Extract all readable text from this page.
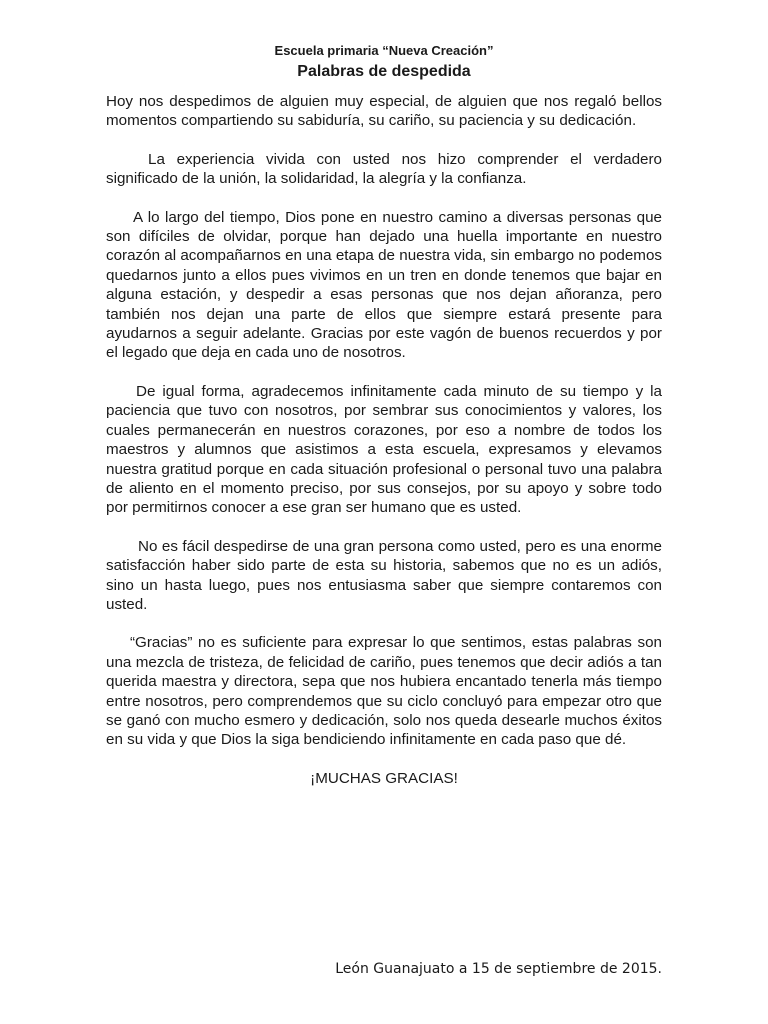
Escuela primaria “Nueva Creación”

Palabras de despedida

Hoy nos despedimos de alguien muy especial, de alguien que nos regaló bellos momentos compartiendo su sabiduría, su cariño, su paciencia y su dedicación.

La experiencia vivida con usted nos hizo comprender el verdadero significado de la unión, la solidaridad, la alegría y la confianza.

A lo largo del tiempo, Dios pone en nuestro camino a diversas personas que son difíciles de olvidar, porque han dejado una huella importante en nuestro corazón al acompañarnos en una etapa de nuestra vida, sin embargo no podemos quedarnos junto a ellos pues vivimos en un tren en donde tenemos que bajar en alguna estación, y despedir a esas personas que nos dejan añoranza, pero también nos dejan una parte de ellos que siempre estará presente para ayudarnos a seguir adelante. Gracias por este vagón de buenos recuerdos y por el legado que deja en cada uno de nosotros.

De igual forma, agradecemos infinitamente cada minuto de su tiempo y la paciencia que tuvo con nosotros, por sembrar sus conocimientos y valores, los cuales permanecerán en nuestros corazones, por eso a nombre de todos los maestros y alumnos que asistimos a esta escuela, expresamos y elevamos nuestra gratitud porque en cada situación profesional o personal tuvo una palabra de aliento en el momento preciso, por sus consejos, por su apoyo y sobre todo por permitirnos conocer a ese gran ser humano que es usted.

No es fácil despedirse de una gran persona como usted, pero es una enorme satisfacción haber sido parte de esta su historia, sabemos que no es un adiós, sino un hasta luego, pues nos entusiasma saber que siempre contaremos con usted.

“Gracias” no es suficiente para expresar lo que sentimos, estas palabras son una mezcla de tristeza, de felicidad de cariño, pues tenemos que decir adiós a tan querida maestra y directora, sepa que nos hubiera encantado tenerla más tiempo entre nosotros, pero comprendemos que su ciclo concluyó para empezar otro que se ganó con mucho esmero y dedicación, solo nos queda desearle muchos éxitos en su vida y que Dios la siga bendiciendo infinitamente en cada paso que dé.

¡MUCHAS GRACIAS!

León Guanajuato a 15 de septiembre de 2015.
